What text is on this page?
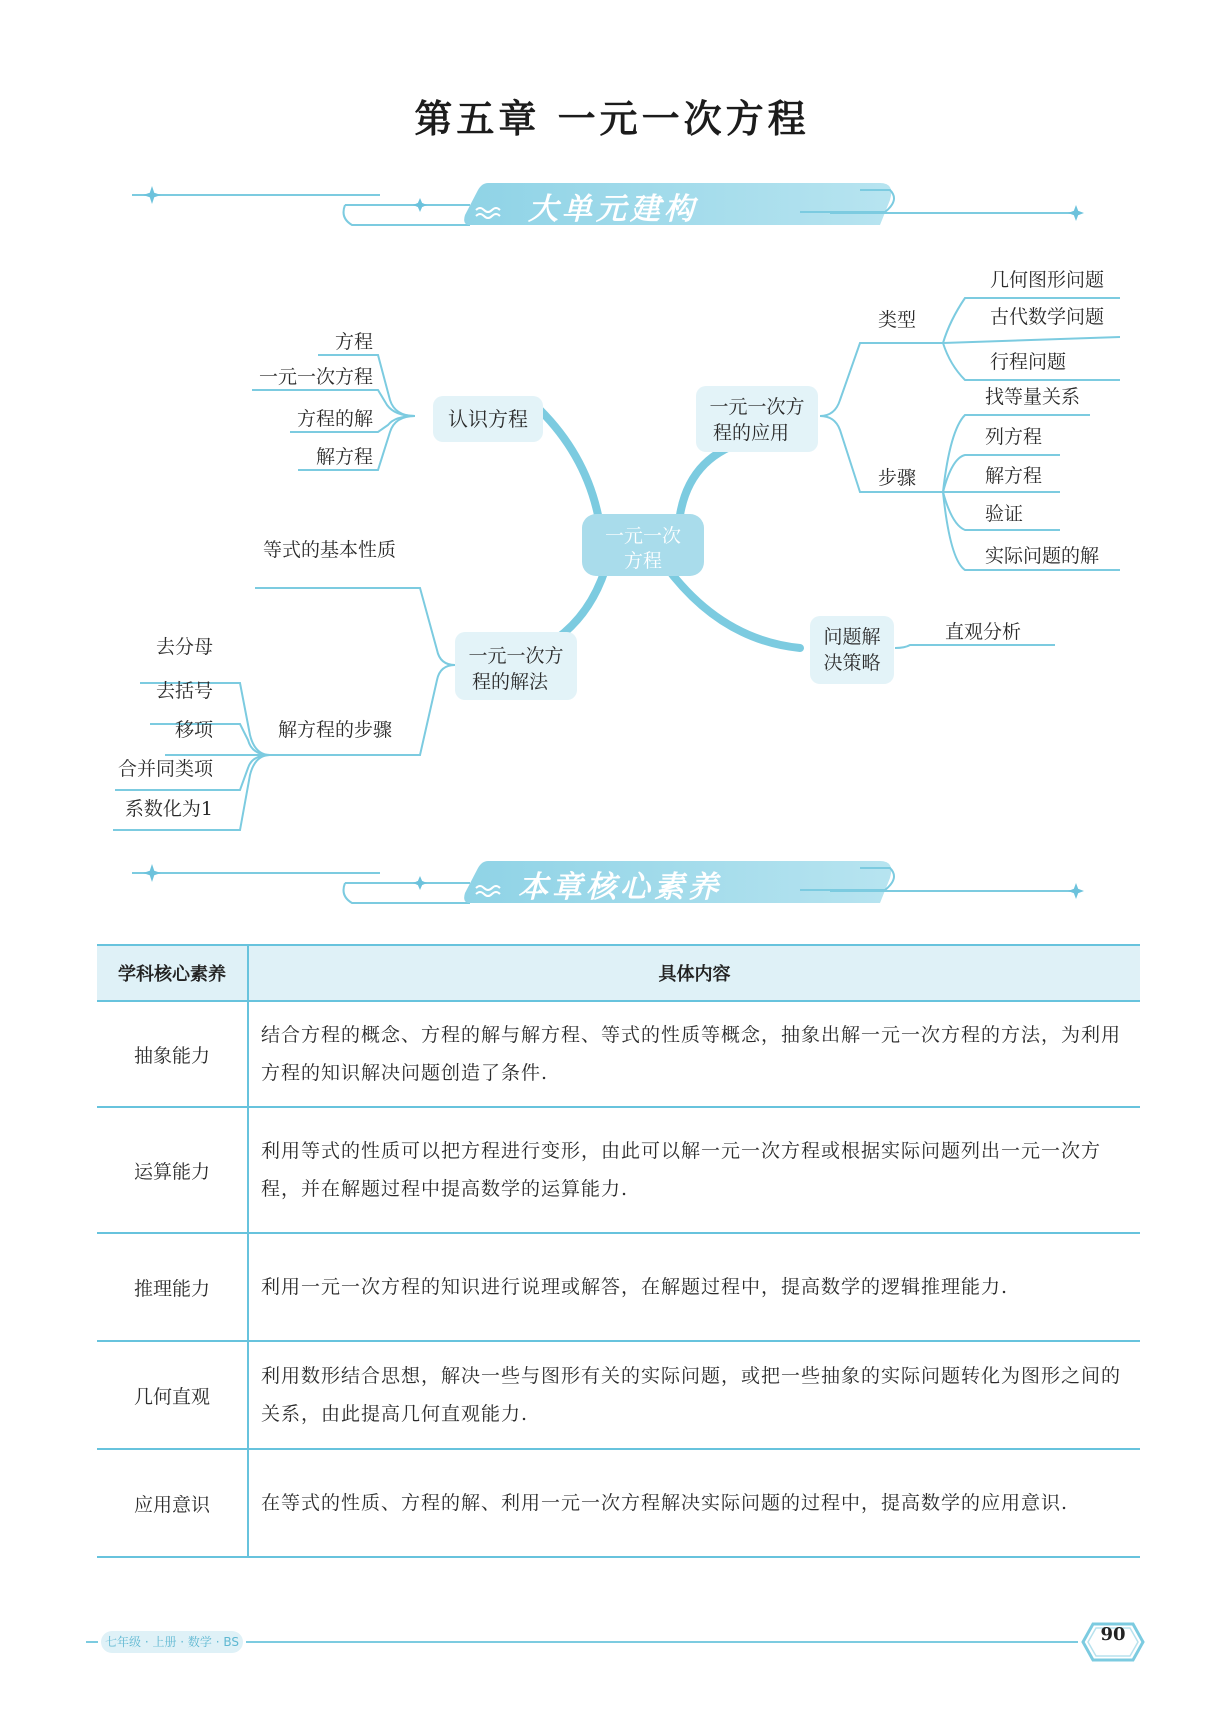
第五章 一元一次方程
大单元建构
本章核心素养
一元一次
方程
认识方程	一元一次方
程的应用
一元一次方
程的解法
问题解
决策略
方程
一元一次方程
方程的解
解方程
类型
步骤
几何图形问题
古代数学问题
行程问题
找等量关系
列方程
解方程
验证
实际问题的解
等式的基本性质
解方程的步骤
去分母
去括号
移项
合并同类项
系数化为1
直观分析
学科核心素养	具体内容
抽象能力	结合方程的概念、方程的解与解方程、等式的性质等概念，抽象出解一元一次方程的方法，为利用方程的知识解决问题创造了条件.
运算能力	利用等式的性质可以把方程进行变形，由此可以解一元一次方程或根据实际问题列出一元一次方程，并在解题过程中提高数学的运算能力.
推理能力	利用一元一次方程的知识进行说理或解答，在解题过程中，提高数学的逻辑推理能力.
几何直观	利用数形结合思想，解决一些与图形有关的实际问题，或把一些抽象的实际问题转化为图形之间的关系，由此提高几何直观能力.
应用意识	在等式的性质、方程的解、利用一元一次方程解决实际问题的过程中，提高数学的应用意识.
七年级 · 上册 · 数学 · BS	90
